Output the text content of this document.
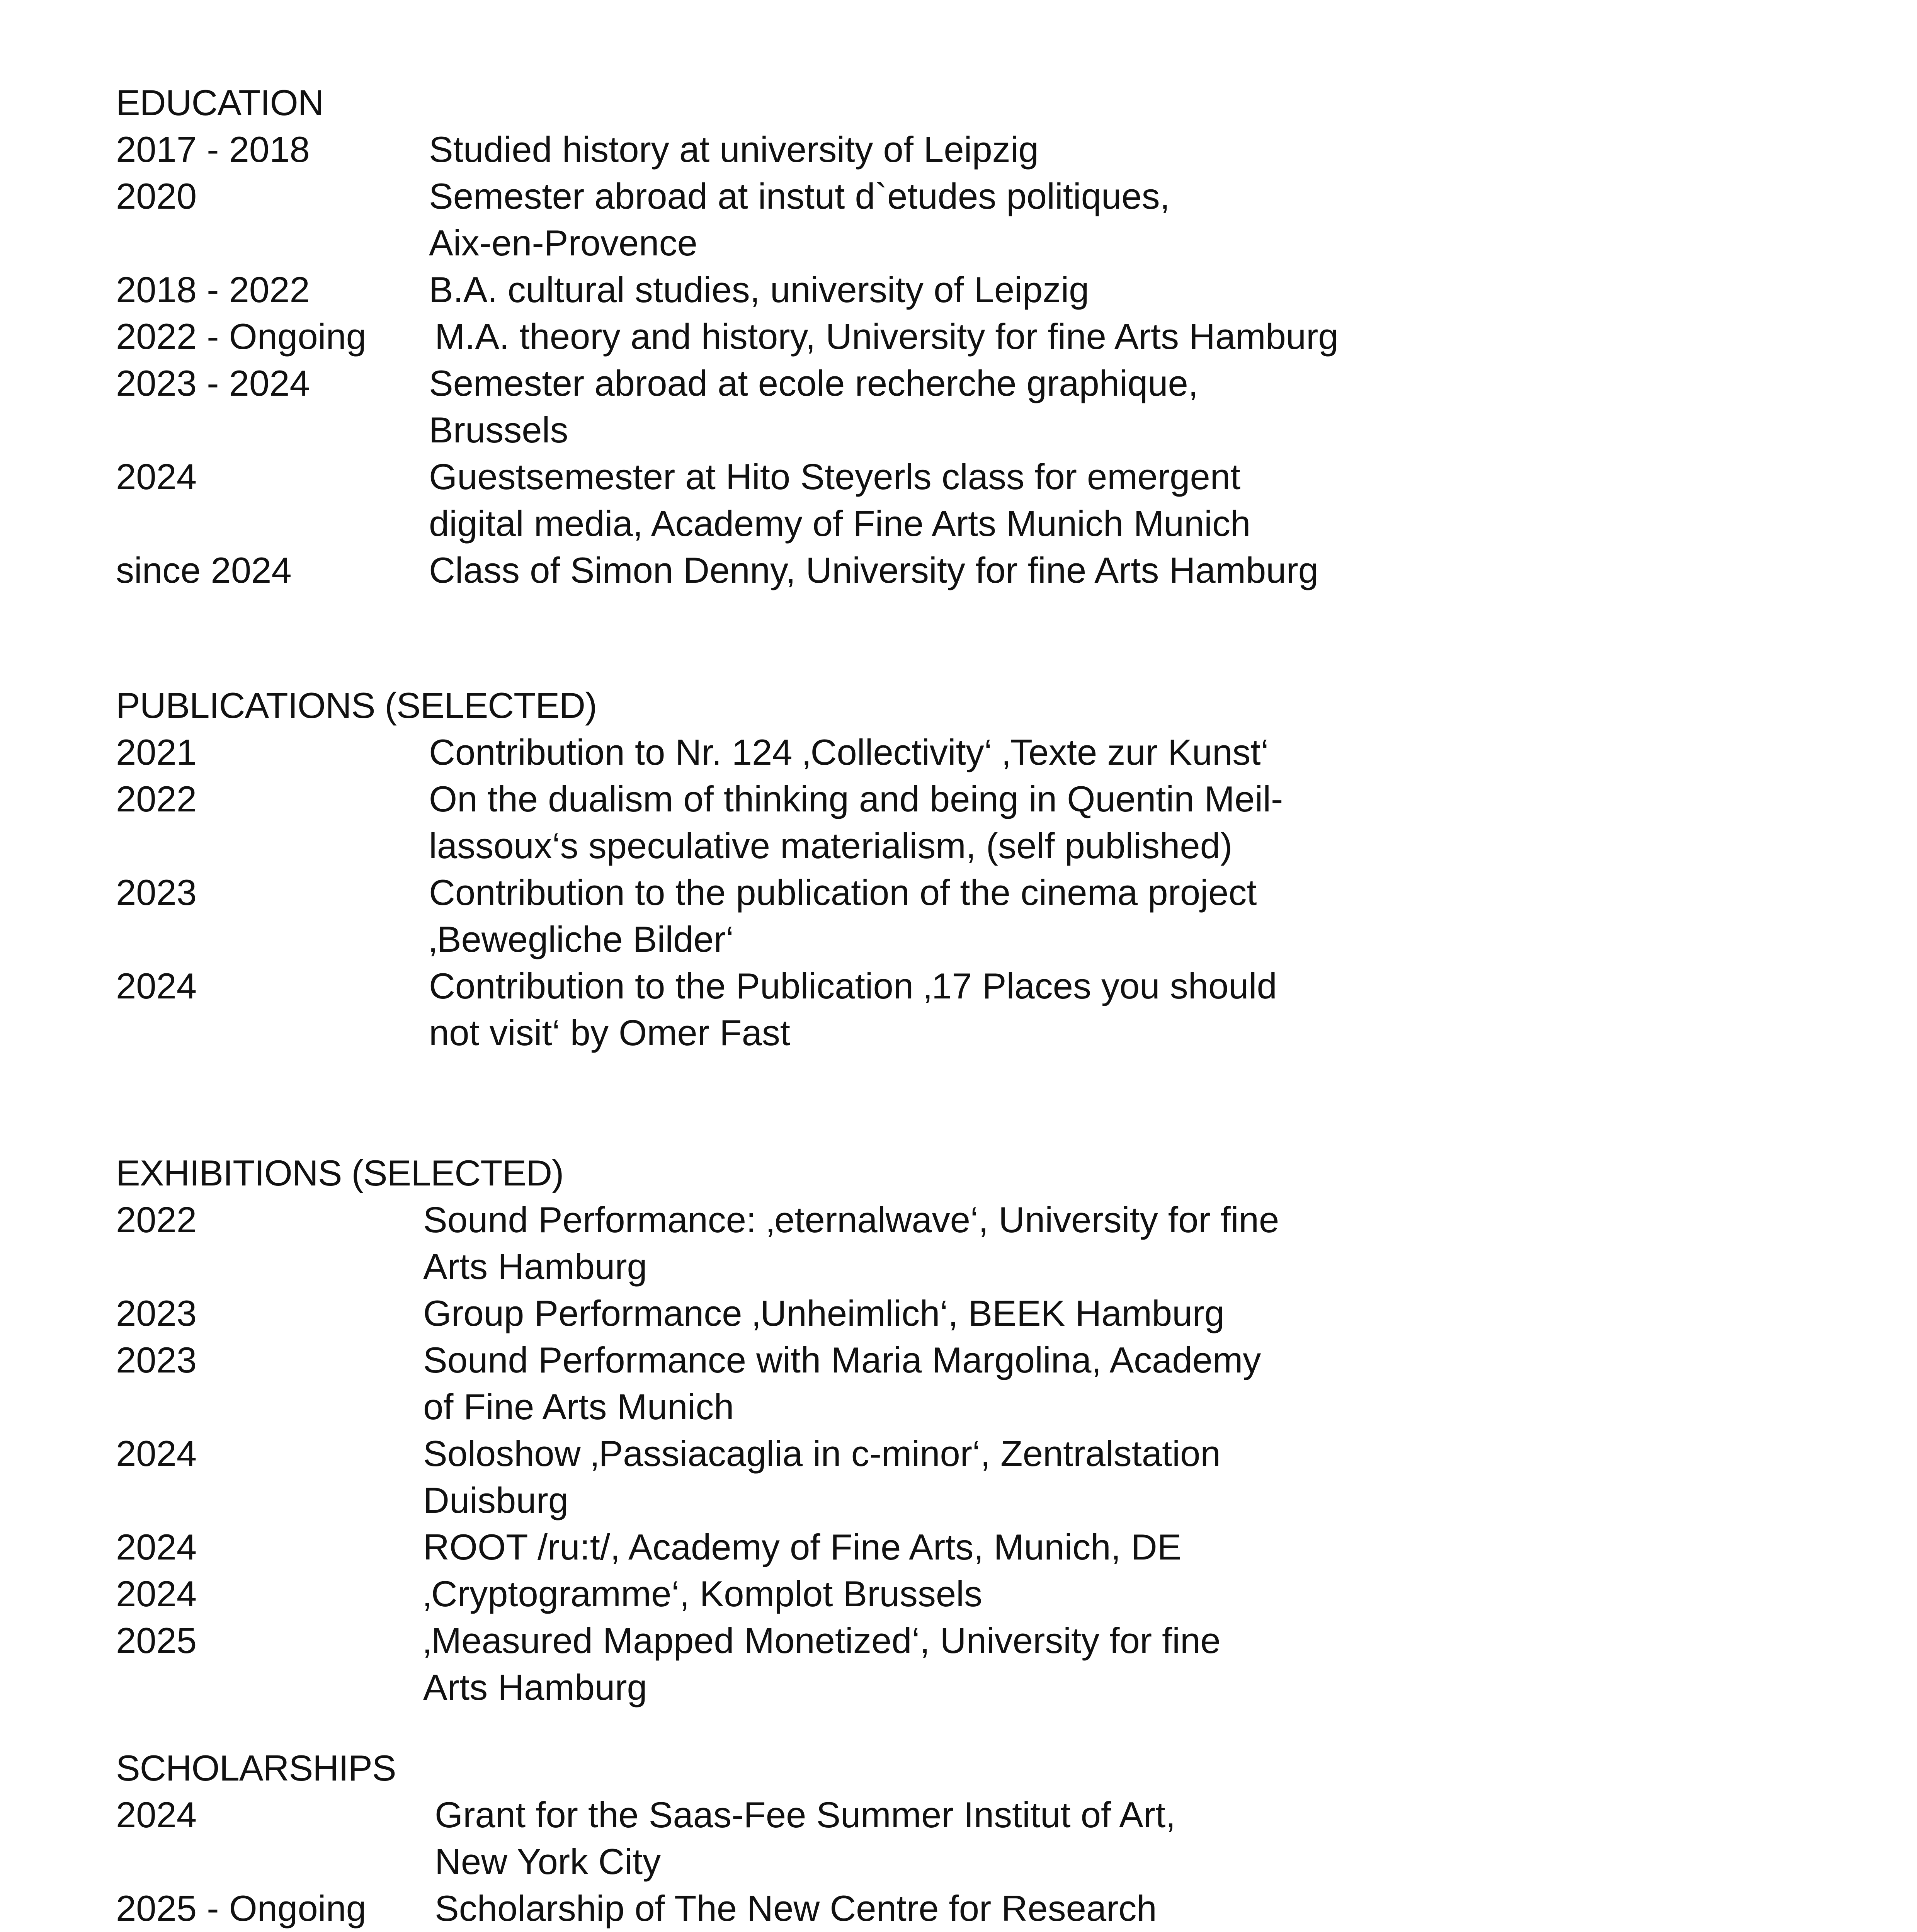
EDUCATION
2017 - 2018	Studied history at university of Leipzig
2020	Semester abroad at instut d`etudes politiques,
Aix-en-Provence
2018 - 2022	B.A. cultural studies, university of Leipzig
2022 - Ongoing M.A. theory and history, University for fine Arts Hamburg
2023 - 2024	Semester abroad at ecole recherche graphique,
Brussels
2024	Guestsemester at Hito Steyerls class for emergent
digital media, Academy of Fine Arts Munich Munich
since 2024	Class of Simon Denny, University for fine Arts Hamburg
PUBLICATIONS (SELECTED)
2021	Contribution to Nr. 124 ‚Collectivity‘ ‚Texte zur Kunst‘
2022	On the dualism of thinking and being in Quentin Meil-
lassoux‘s speculative materialism, (self published)
2023	Contribution to the publication of the cinema project
‚Bewegliche Bilder‘
2024	Contribution to the Publication ‚17 Places you should
not visit‘ by Omer Fast
EXHIBITIONS (SELECTED)
2022	Sound Performance: ‚eternalwave‘, University for fine
Arts Hamburg
2023	Group Performance ‚Unheimlich‘, BEEK Hamburg
2023	Sound Performance with Maria Margolina, Academy
of Fine Arts Munich
2024	Soloshow ‚Passiacaglia in c-minor‘, Zentralstation
Duisburg
2024	ROOT /ru:t/, Academy of Fine Arts, Munich, DE
2024	‚Cryptogramme‘, Komplot Brussels
2025	‚Measured Mapped Monetized‘, University for fine
Arts Hamburg
SCHOLARSHIPS
2024	Grant for the Saas-Fee Summer Institut of Art,
New York City
2025 - Ongoing Scholarship of The New Centre for Research
